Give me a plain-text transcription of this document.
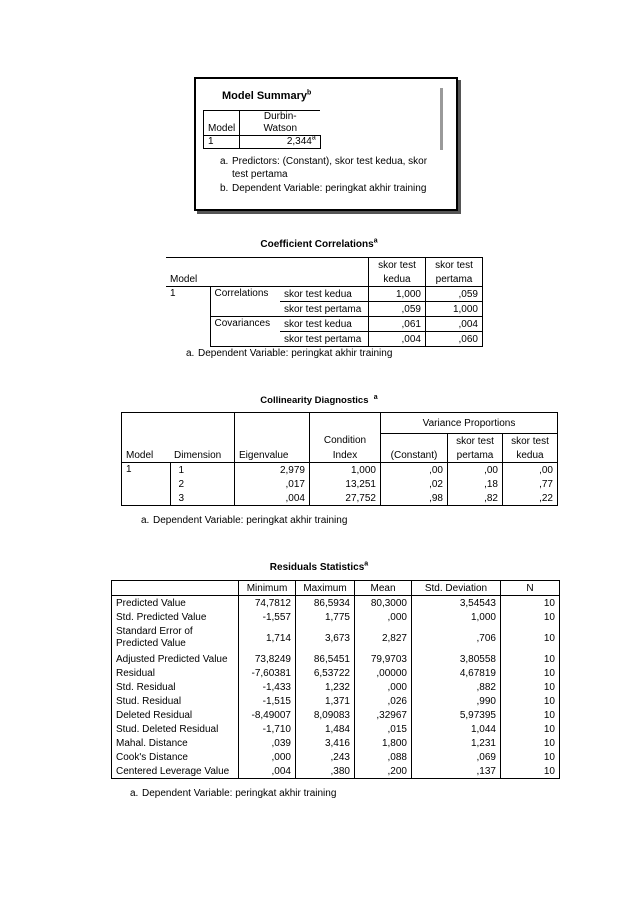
Model Summary$^b$
	Durbin-
Model	Watson
1	2,344$^a$
a. Predictors: (Constant), skor test kedua, skor
test pertama
b. Dependent Variable: peringkat akhir training
Coefficient Correlations$^a$
			skor test	skor test
Model			kedua	pertama
1	Correlations	skor test kedua	1,000	,059
		skor test pertama	,059	1,000
	Covariances	skor test kedua	,061	,004
		skor test pertama	,004	,060
a. Dependent Variable: peringkat akhir training
Collinearity Diagnostics $^a$
				Variance Proportions		
			Condition		skor test	skor test
Model	Dimension	Eigenvalue	Index	(Constant)	pertama	kedua
1	1	2,979	1,000	,00	,00	,00
	2	,017	13,251	,02	,18	,77
	3	,004	27,752	,98	,82	,22
a. Dependent Variable: peringkat akhir training
Residuals Statistics$^a$
	Minimum	Maximum	Mean	Std. Deviation	N
Predicted Value	74,7812	86,5934	80,3000	3,54543	10
Std. Predicted Value	-1,557	1,775	,000	1,000	10
Standard Error of
Predicted Value	1,714	3,673	2,827	,706	10
Adjusted Predicted Value	73,8249	86,5451	79,9703	3,80558	10
Residual	-7,60381	6,53722	,00000	4,67819	10
Std. Residual	-1,433	1,232	,000	,882	10
Stud. Residual	-1,515	1,371	,026	,990	10
Deleted Residual	-8,49007	8,09083	,32967	5,97395	10
Stud. Deleted Residual	-1,710	1,484	,015	1,044	10
Mahal. Distance	,039	3,416	1,800	1,231	10
Cook's Distance	,000	,243	,088	,069	10
Centered Leverage Value	,004	,380	,200	,137	10
a. Dependent Variable: peringkat akhir training
